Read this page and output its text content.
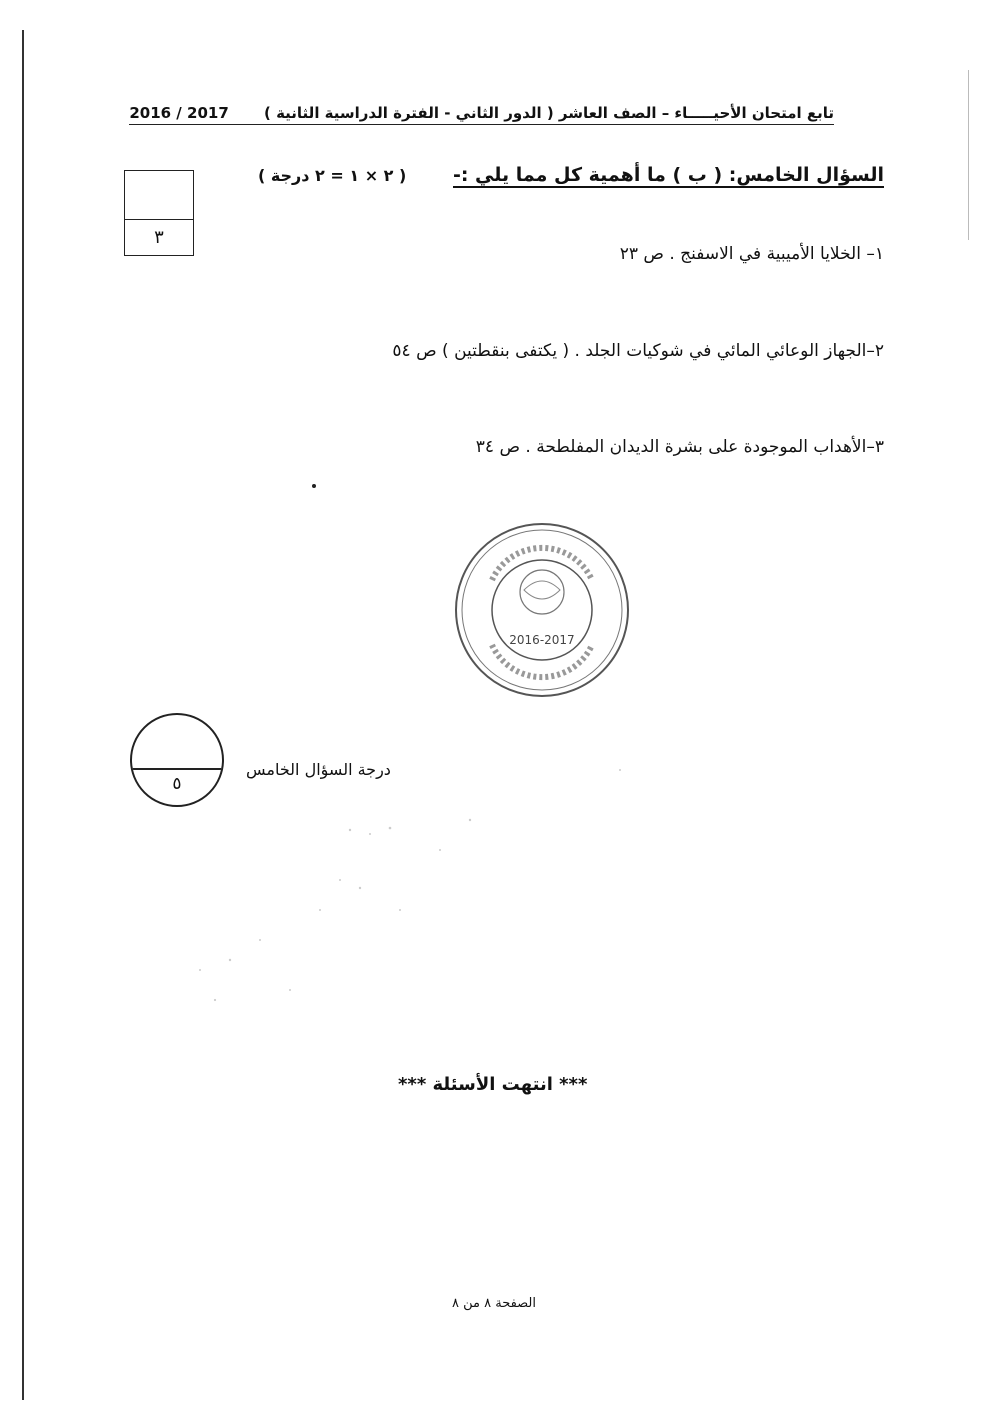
تابع امتحان الأحيـــــاء – الصف العاشر ( الدور الثاني - الفترة الدراسية الثانية ) 2017 / 2016
السؤال الخامس: ( ب ) ما أهمية كل مما يلي :- ( ٢ × ١ = ٢ درجة )
٣
١– الخلايا الأميبية في الاسفنج . ص ٢٣
٢–الجهاز الوعائي المائي في شوكيات الجلد . ( يكتفى بنقطتين ) ص ٥٤
٣–الأهداب الموجودة على بشرة الديدان المفلطحة . ص ٣٤
2016-2017
٥
درجة السؤال الخامس
*** انتهت الأسئلة ***
الصفحة ٨ من ٨
